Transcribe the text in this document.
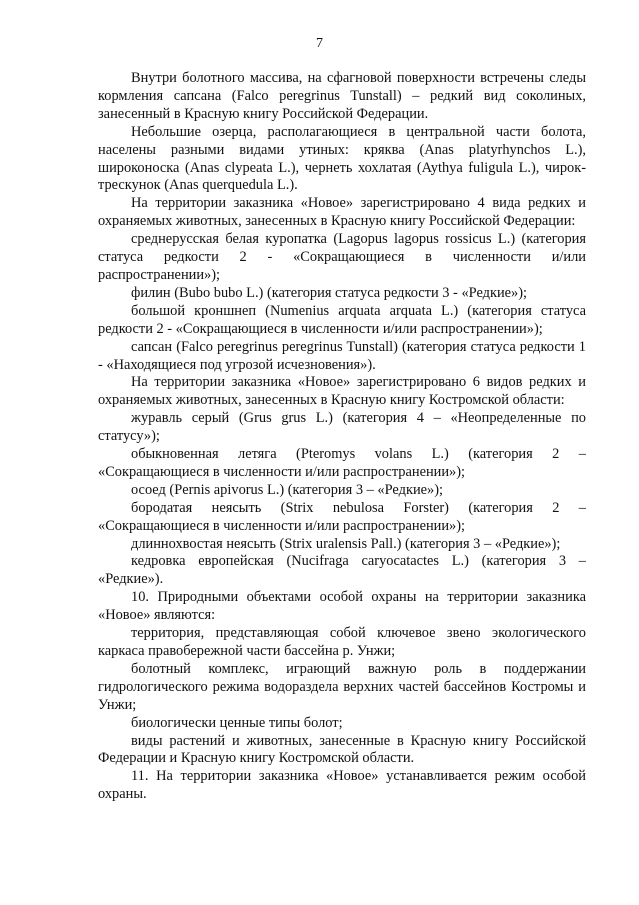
7

Внутри болотного массива, на сфагновой поверхности встречены следы кормления сапсана (Falco peregrinus Tunstall) – редкий вид соколиных, занесенный в Красную книгу Российской Федерации.

Небольшие озерца, располагающиеся в центральной части болота, населены разными видами утиных: кряква (Anas platyrhynchos L.), широконоска (Anas clypeata L.), чернеть хохлатая (Aythya fuligula L.), чирок-трескунок (Anas querquedula L.).

На территории заказника «Новое» зарегистрировано 4 вида редких и охраняемых животных, занесенных в Красную книгу Российской Федерации:

среднерусская белая куропатка (Lagopus lagopus rossicus L.) (категория статуса редкости 2 - «Сокращающиеся в численности и/или распространении»);

филин (Bubo bubo L.) (категория статуса редкости 3 - «Редкие»);

большой кроншнеп (Numenius arquata arquata L.) (категория статуса редкости 2 - «Сокращающиеся в численности и/или распространении»);

сапсан (Falco peregrinus peregrinus Tunstall) (категория статуса редкости 1 - «Находящиеся под угрозой исчезновения»).

На территории заказника «Новое» зарегистрировано 6 видов редких и охраняемых животных, занесенных в Красную книгу Костромской области:

журавль серый (Grus grus L.) (категория 4 – «Неопределенные по статусу»);

обыкновенная летяга (Pteromys volans L.) (категория 2 – «Сокращающиеся в численности и/или распространении»);

осоед (Pernis apivorus L.) (категория 3 – «Редкие»);

бородатая неясыть (Strix nebulosa Forster) (категория 2 – «Сокращающиеся в численности и/или распространении»);

длиннохвостая неясыть (Strix uralensis Pall.) (категория 3 – «Редкие»);

кедровка европейская (Nucifraga caryocatactes L.) (категория 3 – «Редкие»).

10. Природными объектами особой охраны на территории заказника «Новое» являются:

территория, представляющая собой ключевое звено экологического каркаса правобережной части бассейна р. Унжи;

болотный комплекс, играющий важную роль в поддержании гидрологического режима водораздела верхних частей бассейнов Костромы и Унжи;

биологически ценные типы болот;

виды растений и животных, занесенные в Красную книгу Российской Федерации и Красную книгу Костромской области.

11. На территории заказника «Новое» устанавливается режим особой охраны.
